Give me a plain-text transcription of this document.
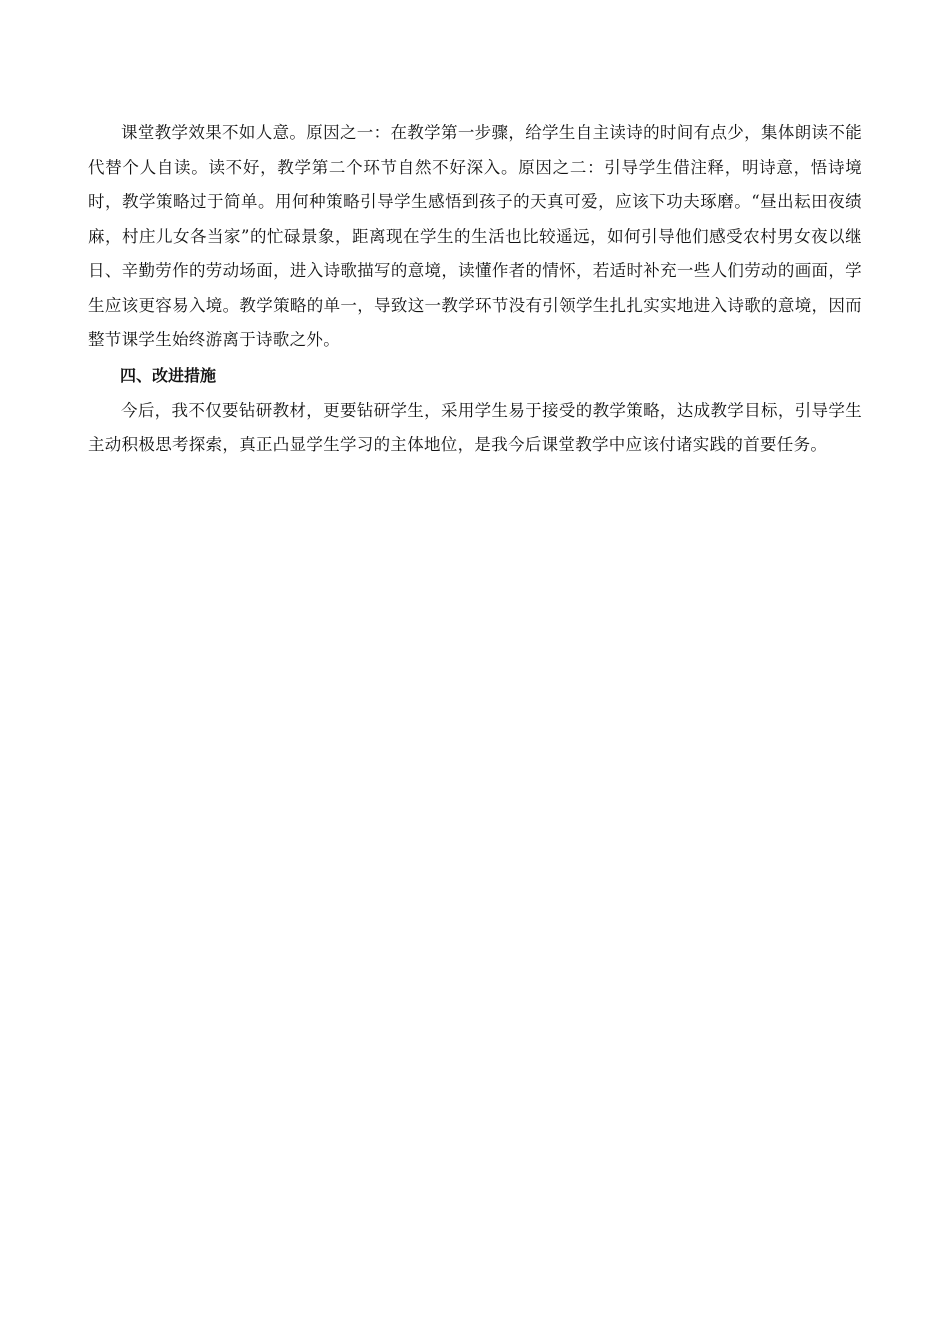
课堂教学效果不如人意。原因之一：在教学第一步骤，给学生自主读诗的时间有点少，集体朗读不能代替个人自读。读不好，教学第二个环节自然不好深入。原因之二：引导学生借注释，明诗意，悟诗境时，教学策略过于简单。用何种策略引导学生感悟到孩子的天真可爱，应该下功夫琢磨。“昼出耘田夜绩麻，村庄儿女各当家”的忙碌景象，距离现在学生的生活也比较遥远，如何引导他们感受农村男女夜以继日、辛勤劳作的劳动场面，进入诗歌描写的意境，读懂作者的情怀，若适时补充一些人们劳动的画面，学生应该更容易入境。教学策略的单一，导致这一教学环节没有引领学生扎扎实实地进入诗歌的意境，因而整节课学生始终游离于诗歌之外。

四、改进措施

今后，我不仅要钻研教材，更要钻研学生，采用学生易于接受的教学策略，达成教学目标，引导学生主动积极思考探索，真正凸显学生学习的主体地位，是我今后课堂教学中应该付诸实践的首要任务。
